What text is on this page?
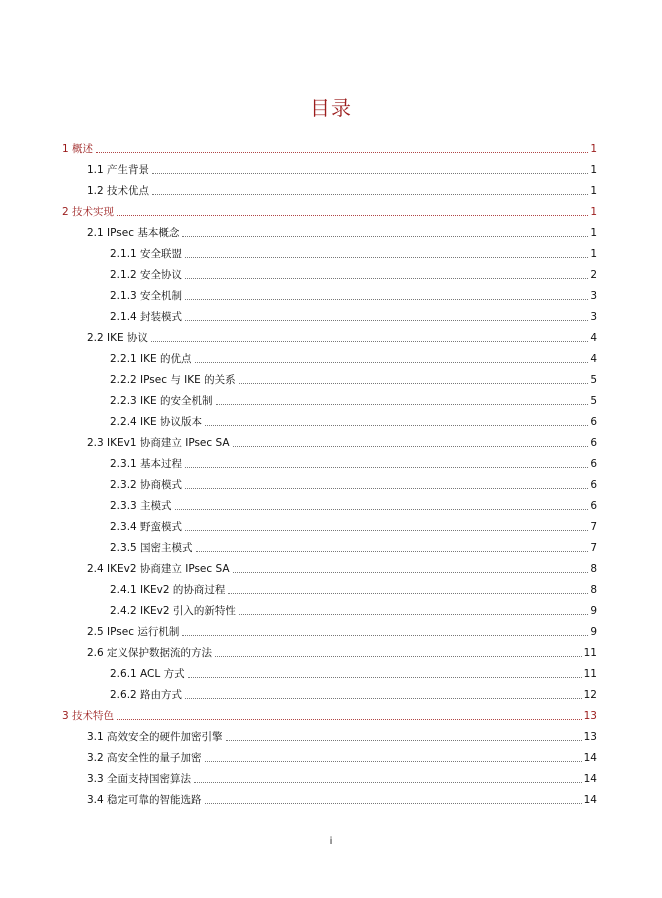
目录
1 概述	1
1.1 产生背景	1
1.2 技术优点	1
2 技术实现	1
2.1 IPsec 基本概念	1
2.1.1 安全联盟	1
2.1.2 安全协议	2
2.1.3 安全机制	3
2.1.4 封装模式	3
2.2 IKE 协议	4
2.2.1 IKE 的优点	4
2.2.2 IPsec 与 IKE 的关系	5
2.2.3 IKE 的安全机制	5
2.2.4 IKE 协议版本	6
2.3 IKEv1 协商建立 IPsec SA	6
2.3.1 基本过程	6
2.3.2 协商模式	6
2.3.3 主模式	6
2.3.4 野蛮模式	7
2.3.5 国密主模式	7
2.4 IKEv2 协商建立 IPsec SA	8
2.4.1 IKEv2 的协商过程	8
2.4.2 IKEv2 引入的新特性	9
2.5 IPsec 运行机制	9
2.6 定义保护数据流的方法	11
2.6.1 ACL 方式	11
2.6.2 路由方式	12
3 技术特色	13
3.1 高效安全的硬件加密引擎	13
3.2 高安全性的量子加密	14
3.3 全面支持国密算法	14
3.4 稳定可靠的智能选路	14
i
